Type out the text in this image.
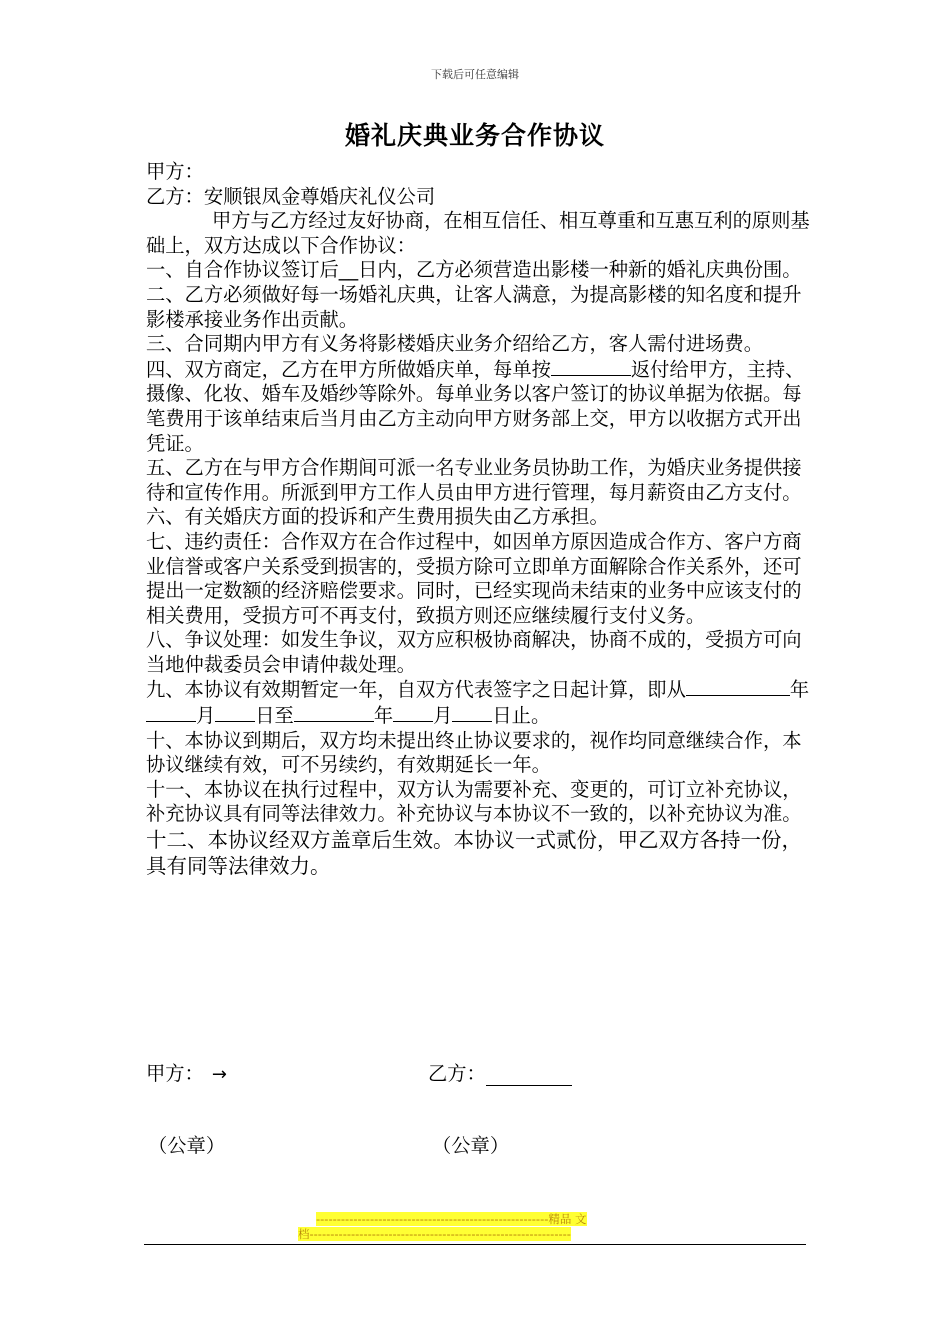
下载后可任意编辑
婚礼庆典业务合作协议

甲方：

乙方：安顺银凤金尊婚庆礼仪公司

甲方与乙方经过友好协商，在相互信任、相互尊重和互惠互利的原则基础上，双方达成以下合作协议：

一、自合作协议签订后__日内，乙方必须营造出影楼一种新的婚礼庆典份围。

二、乙方必须做好每一场婚礼庆典，让客人满意，为提高影楼的知名度和提升影楼承接业务作出贡献。

三、合同期内甲方有义务将影楼婚庆业务介绍给乙方，客人需付进场费。

四、双方商定，乙方在甲方所做婚庆单，每单按	返付给甲方，主持、摄像、化妆、婚车及婚纱等除外。每单业务以客户签订的协议单据为依据。每笔费用于该单结束后当月由乙方主动向甲方财务部上交，甲方以收据方式开出凭证。

五、乙方在与甲方合作期间可派一名专业业务员协助工作，为婚庆业务提供接待和宣传作用。所派到甲方工作人员由甲方进行管理，每月薪资由乙方支付。

六、有关婚庆方面的投诉和产生费用损失由乙方承担。

七、违约责任：合作双方在合作过程中，如因单方原因造成合作方、客户方商业信誉或客户关系受到损害的，受损方除可立即单方面解除合作关系外，还可提出一定数额的经济赔偿要求。同时，已经实现尚未结束的业务中应该支付的相关费用，受损方可不再支付，致损方则还应继续履行支付义务。

八、争议处理：如发生争议，双方应积极协商解决，协商不成的，受损方可向当地仲裁委员会申请仲裁处理。

九、本协议有效期暂定一年，自双方代表签字之日起计算，即从	年月 日至	年 月 日止。

十、本协议到期后，双方均未提出终止协议要求的，视作均同意继续合作，本协议继续有效，可不另续约，有效期延长一年。

十一、本协议在执行过程中，双方认为需要补充、变更的，可订立补充协议，补充协议具有同等法律效力。补充协议与本协议不一致的，以补充协议为准。

十二、本协议经双方盖章后生效。本协议一式贰份，甲乙双方各持一份，具有同等法律效力。

甲方： →	乙方：
（公章）	（公章）
--------------------------------------------------------精品 文
档---------------------------------------------------------------
